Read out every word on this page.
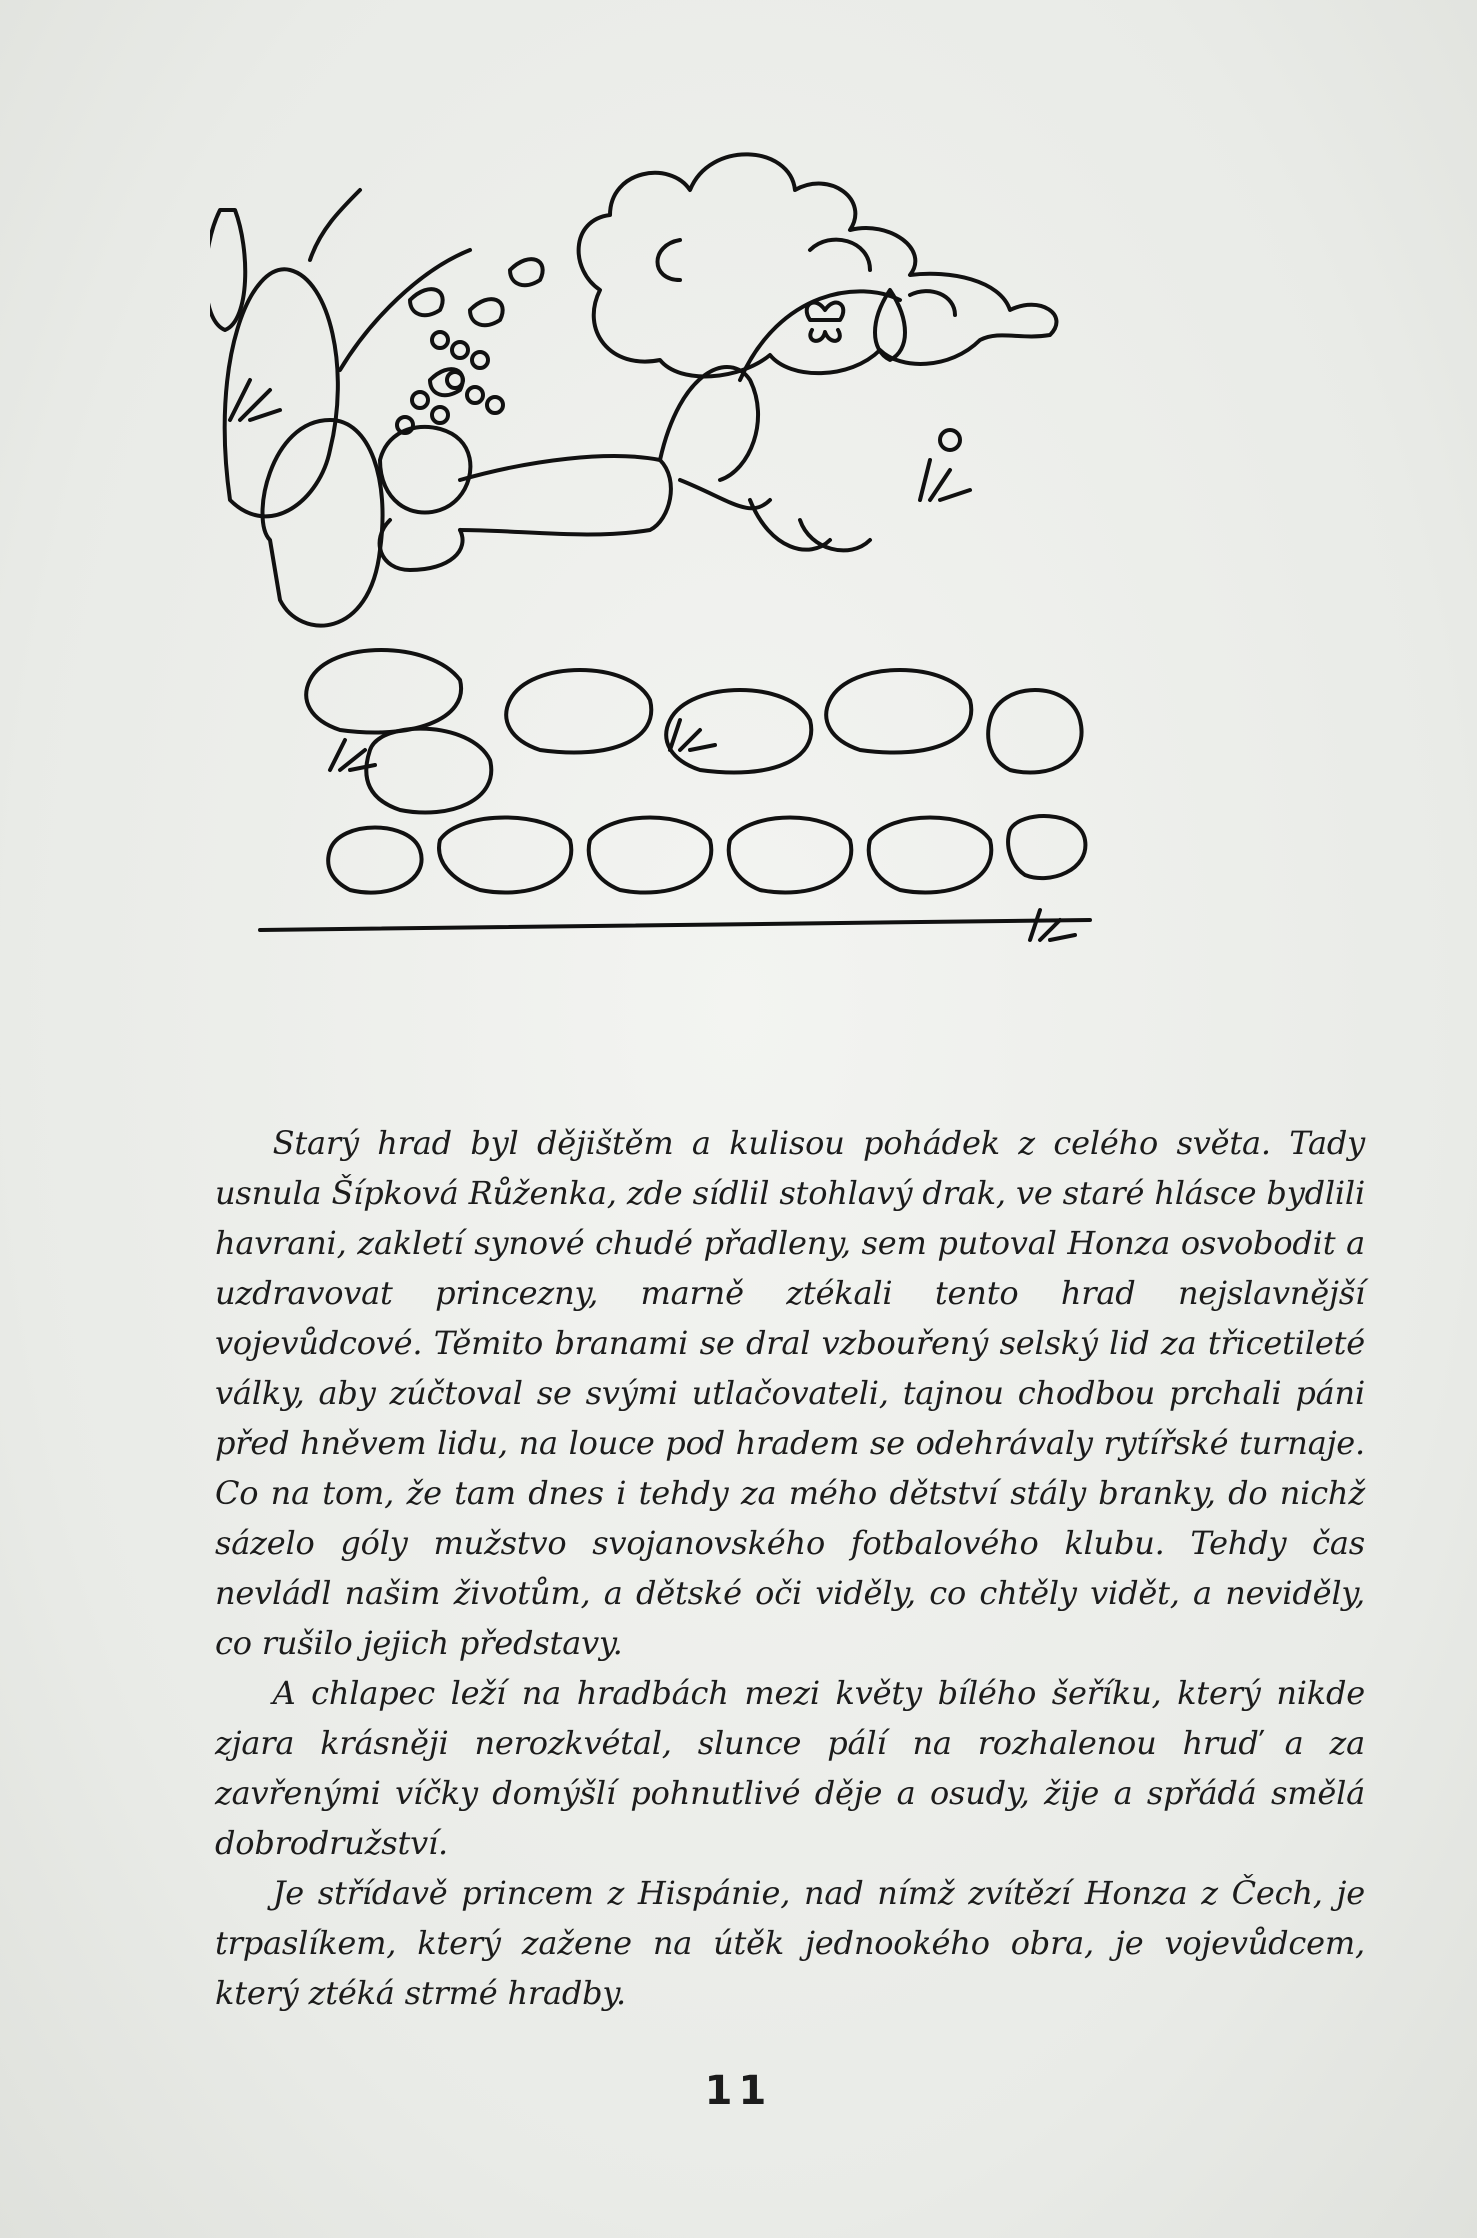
Starý hrad byl dějištěm a kulisou pohádek z celého světa. Tady usnula Šípková Růženka, zde sídlil stohlavý drak, ve staré hlásce bydlili havrani, zakletí synové chudé přadleny, sem putoval Honza osvobodit a uzdravovat princezny, marně ztékali tento hrad nejslavnější vojevůdcové. Těmito branami se dral vzbouřený selský lid za třicetileté války, aby zúčtoval se svými utlačovateli, tajnou chodbou prchali páni před hněvem lidu, na louce pod hradem se odehrávaly rytířské turnaje. Co na tom, že tam dnes i tehdy za mého dětství stály branky, do nichž sázelo góly mužstvo svojanovského fotbalového klubu. Tehdy čas nevládl našim životům, a dětské oči viděly, co chtěly vidět, a neviděly, co rušilo jejich představy.

A chlapec leží na hradbách mezi květy bílého šeříku, který nikde zjara krásněji nerozkvétal, slunce pálí na rozhalenou hruď a za zavřenými víčky domýšlí pohnutlivé děje a osudy, žije a spřádá smělá dobrodružství.

Je střídavě princem z Hispánie, nad nímž zvítězí Honza z Čech, je trpaslíkem, který zažene na útěk jednookého obra, je vojevůdcem, který ztéká strmé hradby.

11
